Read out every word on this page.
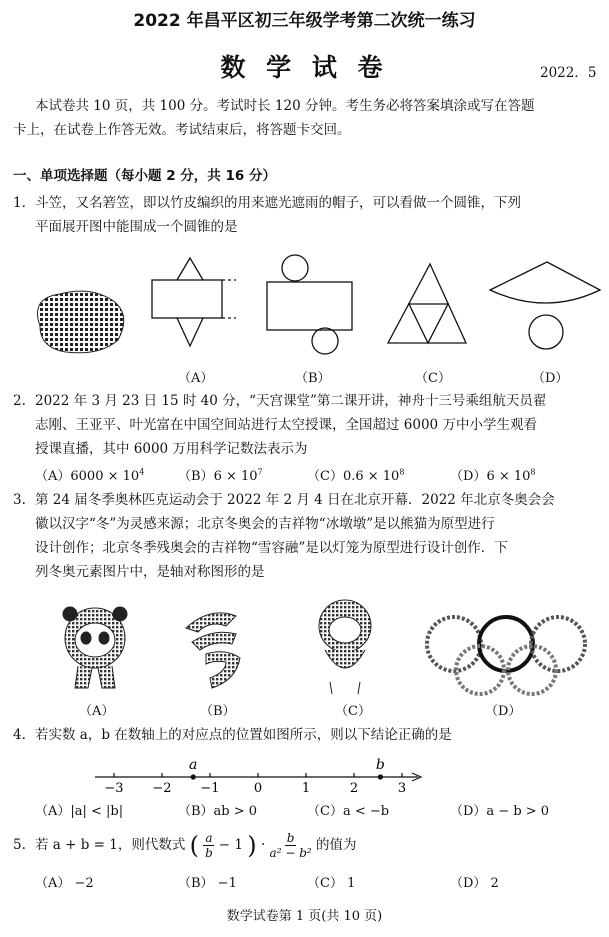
2022 年昌平区初三年级学考第二次统一练习
数 学 试 卷	2022．5
本试卷共 10 页，共 100 分。考试时长 120 分钟。考生务必将答案填涂或写在答题
卡上，在试卷上作答无效。考试结束后，将答题卡交回。
一、单项选择题（每小题 2 分，共 16 分）
1. 斗笠，又名箬笠，即以竹皮编织的用来遮光遮雨的帽子，可以看做一个圆锥，下列
平面展开图中能围成一个圆锥的是
（A）	（B）	（C）	（D）
2. 2022 年 3 月 23 日 15 时 40 分，“天宫课堂”第二课开讲，神舟十三号乘组航天员翟
志刚、王亚平、叶光富在中国空间站进行太空授课，全国超过 6000 万中小学生观看
授课直播，其中 6000 万用科学记数法表示为
$(A)6000 \times 10^4$	$(B)6 \times 10^7$	$(C)0.6 \times 10^8$	$(D)6 \times 10^8$
3. 第 24 届冬季奥林匹克运动会于 2022 年 2 月 4 日在北京开幕．2022 年北京冬奥会会
徽以汉字“冬”为灵感来源；北京冬奥会的吉祥物“冰墩墩”是以熊猫为原型进行
设计创作；北京冬季残奥会的吉祥物“雪容融”是以灯笼为原型进行设计创作．下
列冬奥元素图片中，是轴对称图形的是
（A）	（B）	（C）	（D）
4. 若实数 a，b 在数轴上的对应点的位置如图所示，则以下结论正确的是
−3 −2 −1	0	1	2	3
a	b
（A）|a| < |b|	（B）ab > 0	（C）a < −b	（D）a − b > 0
5. 若 a + b = 1，则代数式 ( $\frac{a}{b} - 1$ ) · $\frac{b}{\text{a² − b²}}$ 的值为
（A） −2	（B） −1	（C） 1	（D） 2
数学试卷第 1 页(共 10 页)
